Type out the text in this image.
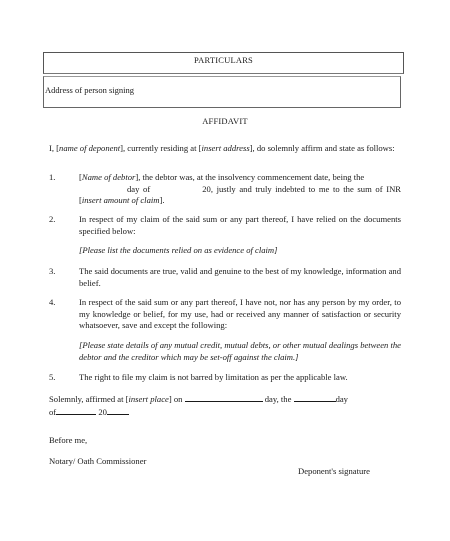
PARTICULARS
Address of person signing
AFFIDAVIT
I, [name of deponent], currently residing at [insert address], do solemnly affirm and state as follows:
1.	[Name of debtor], the debtor was, at the insolvency commencement date, being the
day of	20, justly and truly indebted to me to the sum of INR [insert amount of claim].
2.	In respect of my claim of the said sum or any part thereof, I have relied on the documents specified below:
[Please list the documents relied on as evidence of claim]
3.	The said documents are true, valid and genuine to the best of my knowledge, information and belief.
4.	In respect of the said sum or any part thereof, I have not, nor has any person by my order, to my knowledge or belief, for my use, had or received any manner of satisfaction or security whatsoever, save and except the following:
[Please state details of any mutual credit, mutual debts, or other mutual dealings between the debtor and the creditor which may be set-off against the claim.]
5.	The right to file my claim is not barred by limitation as per the applicable law.
Solemnly, affirmed at [insert place] on	day, the	day
of	20
Before me,
Notary/ Oath Commissioner
Deponent's signature
